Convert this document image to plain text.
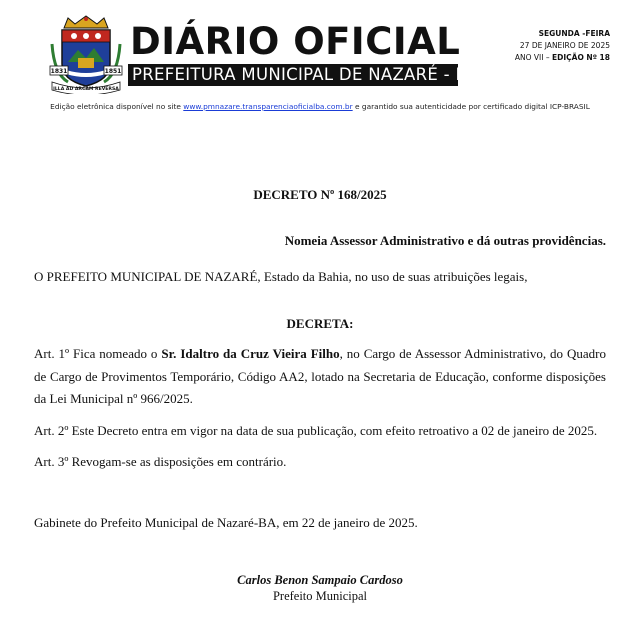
1831	1851
ILLA AD ARCAM REVERSA
DIÁRIO OFICIAL
PREFEITURA MUNICIPAL DE NAZARÉ - BA
SEGUNDA -FEIRA
27 DE JANEIRO DE 2025
ANO VII – EDIÇÃO Nº 18
Edição eletrônica disponível no site www.pmnazare.transparenciaoficialba.com.br e garantido sua autenticidade por certificado digital ICP-BRASIL
DECRETO Nº 168/2025
Nomeia Assessor Administrativo e dá outras providências.
O PREFEITO MUNICIPAL DE NAZARÉ, Estado da Bahia, no uso de suas atribuições legais,
DECRETA:
Art. 1º Fica nomeado o Sr. Idaltro da Cruz Vieira Filho, no Cargo de Assessor Administrativo, do Quadro de Cargo de Provimentos Temporário, Código AA2, lotado na Secretaria de Educação, conforme disposições da Lei Municipal nº 966/2025.
Art. 2º Este Decreto entra em vigor na data de sua publicação, com efeito retroativo a 02 de janeiro de 2025.
Art. 3º Revogam-se as disposições em contrário.
Gabinete do Prefeito Municipal de Nazaré-BA, em 22 de janeiro de 2025.
Carlos Benon Sampaio Cardoso
Prefeito Municipal
